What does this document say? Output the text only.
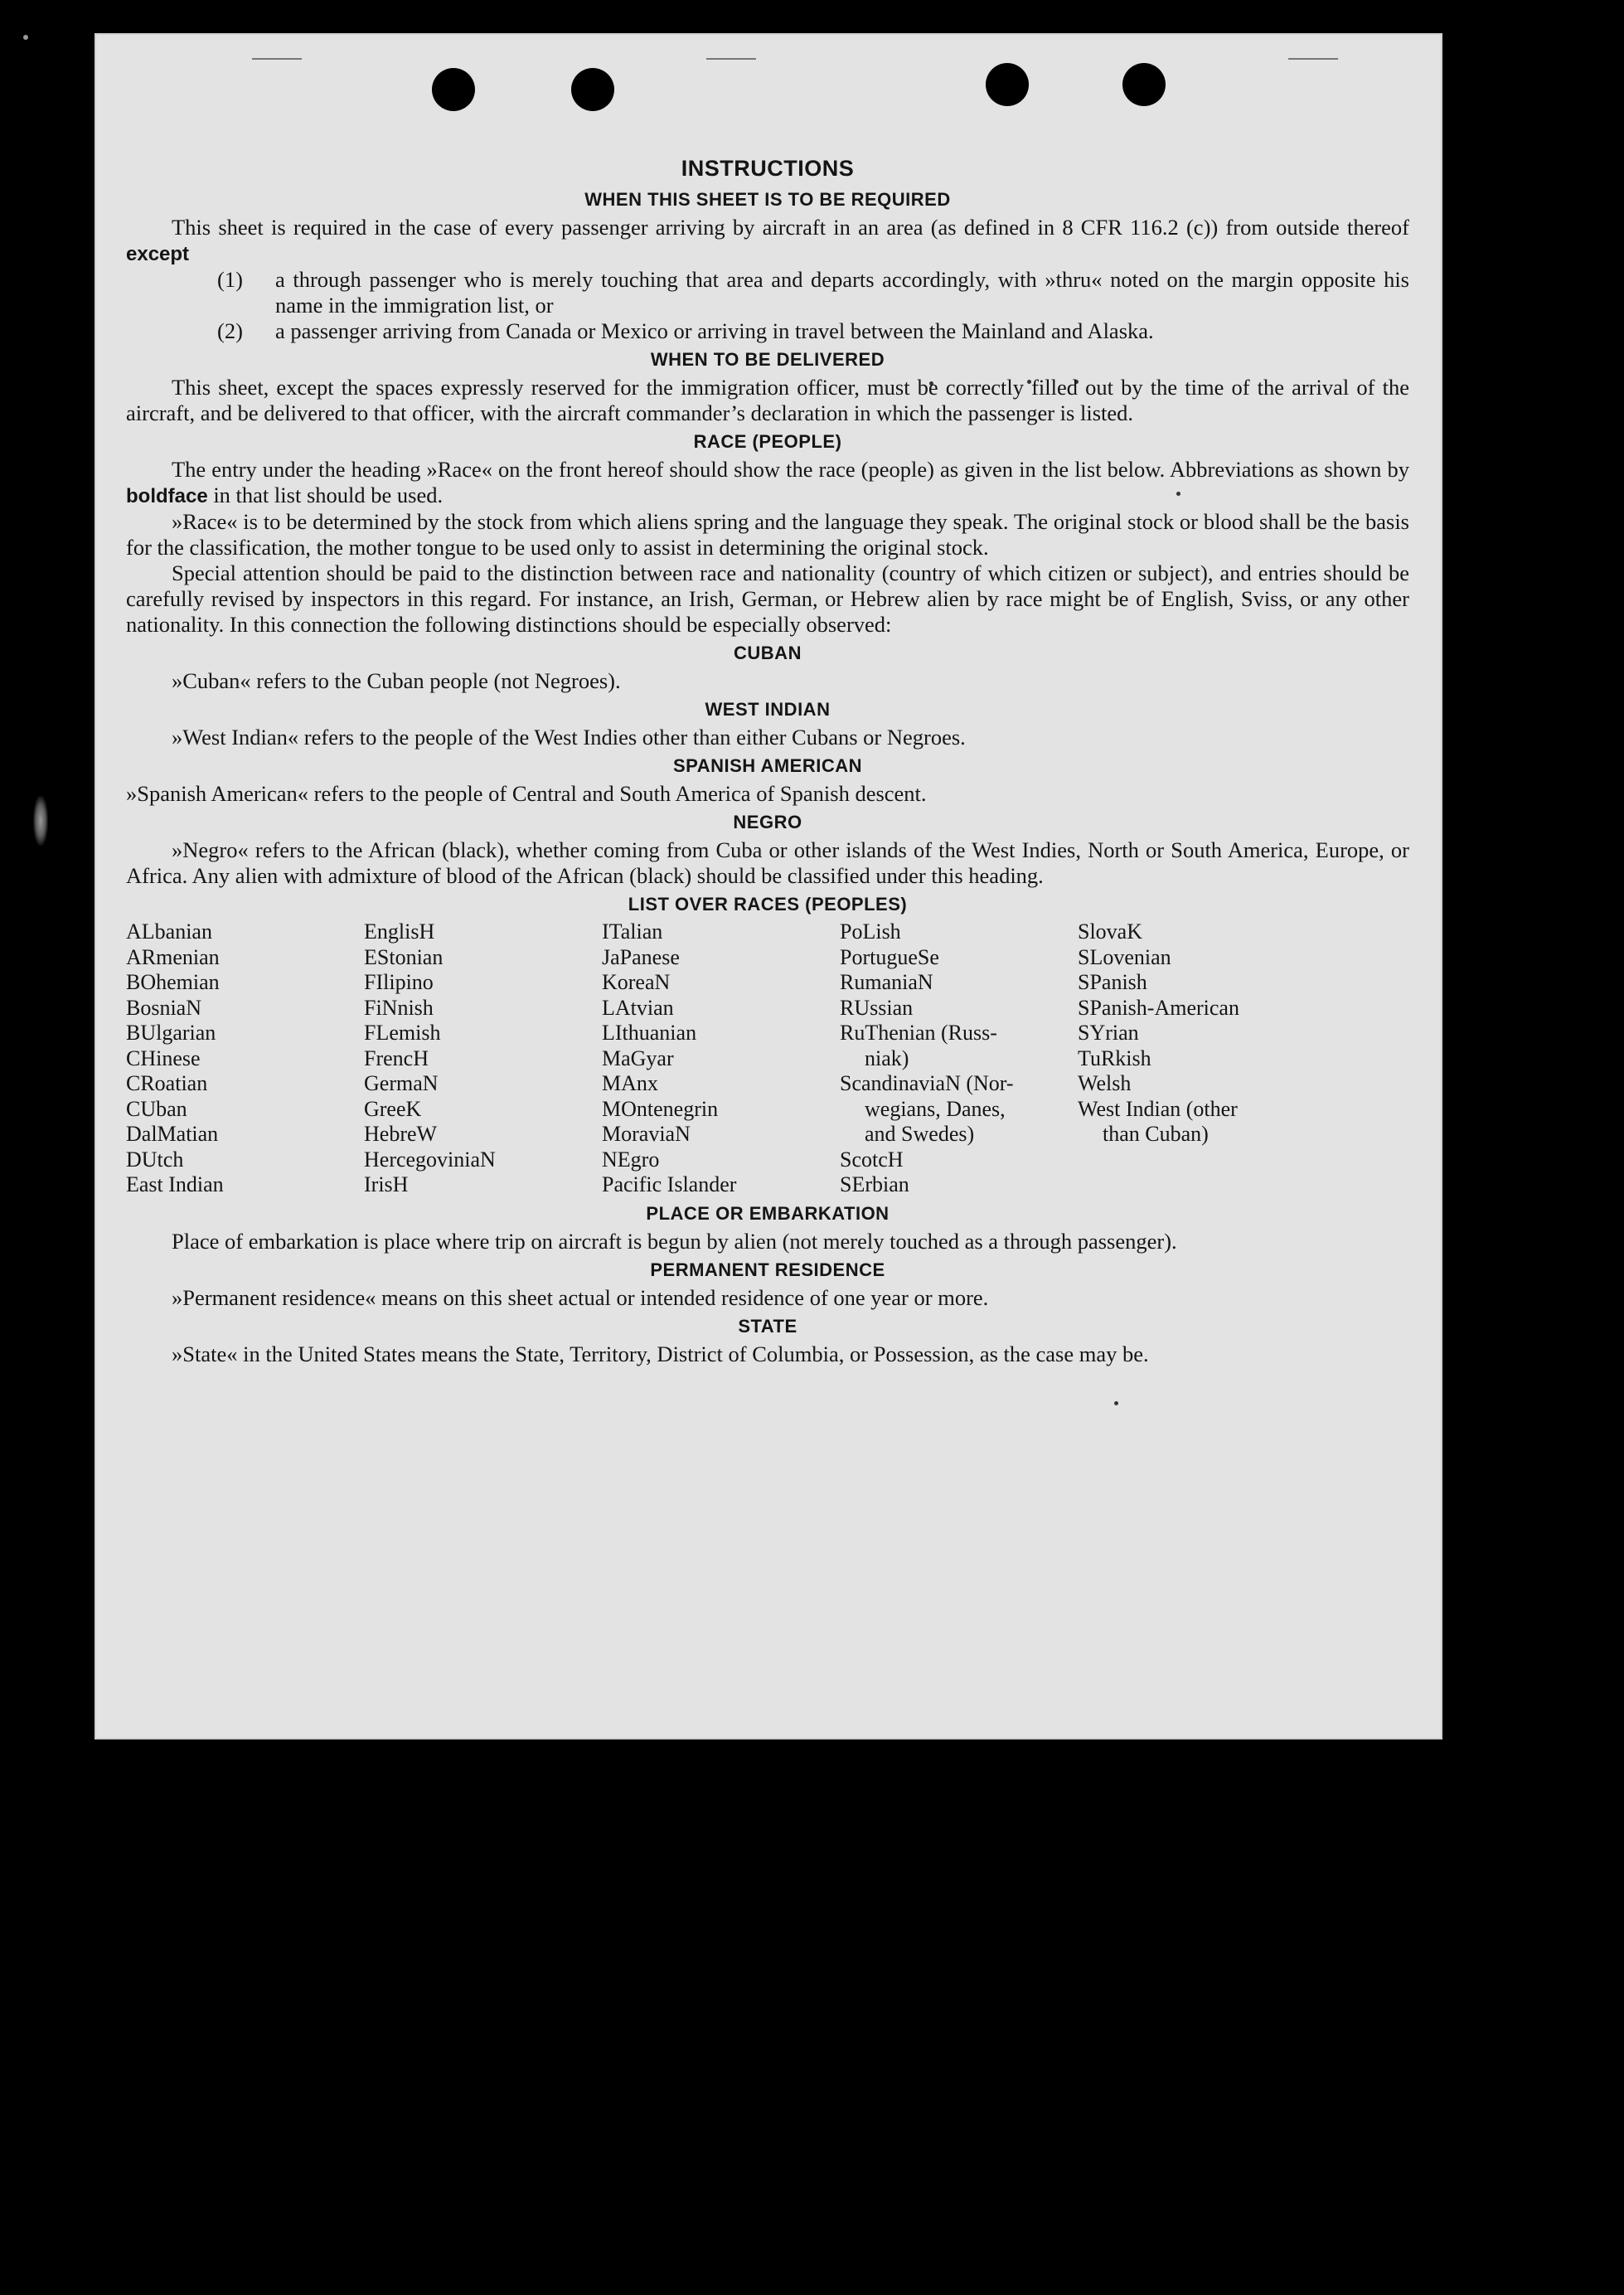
INSTRUCTIONS
WHEN THIS SHEET IS TO BE REQUIRED

This sheet is required in the case of every passenger arriving by aircraft in an area (as defined in 8 CFR 116.2 (c)) from outside thereof except

(1) a through passenger who is merely touching that area and departs accordingly, with »thru« noted on the margin opposite his name in the immigration list, or
(2) a passenger arriving from Canada or Mexico or arriving in travel between the Mainland and Alaska.
WHEN TO BE DELIVERED

This sheet, except the spaces expressly reserved for the immigration officer, must be correctly filled out by the time of the arrival of the aircraft, and be delivered to that officer, with the aircraft commander’s declaration in which the passenger is listed.

RACE (PEOPLE)

The entry under the heading »Race« on the front hereof should show the race (people) as given in the list below. Abbreviations as shown by boldface in that list should be used.

»Race« is to be determined by the stock from which aliens spring and the language they speak. The original stock or blood shall be the basis for the classification, the mother tongue to be used only to assist in determining the original stock.

Special attention should be paid to the distinction between race and nationality (country of which citizen or subject), and entries should be carefully revised by inspectors in this regard. For instance, an Irish, German, or Hebrew alien by race might be of English, Sviss, or any other nationality. In this connection the following distinctions should be especially observed:

CUBAN

»Cuban« refers to the Cuban people (not Negroes).

WEST INDIAN

»West Indian« refers to the people of the West Indies other than either Cubans or Negroes.

SPANISH AMERICAN

»Spanish American« refers to the people of Central and South America of Spanish descent.

NEGRO

»Negro« refers to the African (black), whether coming from Cuba or other islands of the West Indies, North or South America, Europe, or Africa. Any alien with admixture of blood of the African (black) should be classified under this heading.

LIST OVER RACES (PEOPLES)
ALbanian
ARmenian
BOhemian
BosniaN
BUlgarian
CHinese
CRoatian
CUban
DalMatian
DUtch
East Indian
EnglisH
EStonian
FIlipino
FiNnish
FLemish
FrencH
GermaN
GreeK
HebreW
HercegoviniaN
IrisH
ITalian
JaPanese
KoreaN
LAtvian
LIthuanian
MaGyar
MAnx
MOntenegrin
MoraviaN
NEgro
Pacific Islander
PoLish
PortugueSe
RumaniaN
RUssian
RuThenian (Russ-
niak)
ScandinaviaN (Nor-
wegians, Danes,
and Swedes)
ScotcH
SErbian
SlovaK
SLovenian
SPanish
SPanish-American
SYrian
TuRkish
Welsh
West Indian (other
than Cuban)
PLACE OR EMBARKATION

Place of embarkation is place where trip on aircraft is begun by alien (not merely touched as a through passenger).

PERMANENT RESIDENCE

»Permanent residence« means on this sheet actual or intended residence of one year or more.

STATE

»State« in the United States means the State, Territory, District of Columbia, or Possession, as the case may be.
